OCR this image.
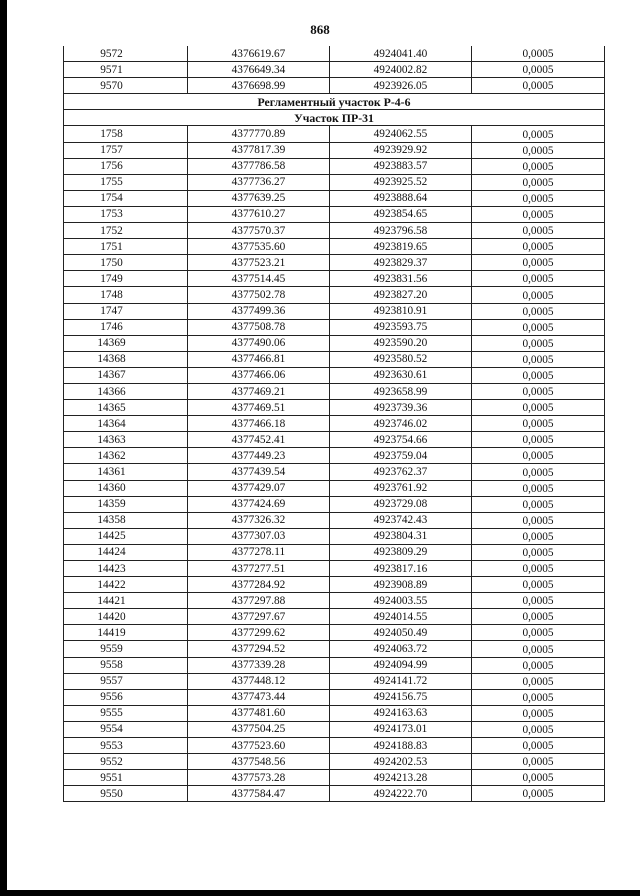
868
9572	4376619.67	4924041.40	0,0005
9571	4376649.34	4924002.82	0,0005
9570	4376698.99	4923926.05	0,0005
Регламентный участок Р-4-6			
Участок ПР-31			
1758	4377770.89	4924062.55	0,0005
1757	4377817.39	4923929.92	0,0005
1756	4377786.58	4923883.57	0,0005
1755	4377736.27	4923925.52	0,0005
1754	4377639.25	4923888.64	0,0005
1753	4377610.27	4923854.65	0,0005
1752	4377570.37	4923796.58	0,0005
1751	4377535.60	4923819.65	0,0005
1750	4377523.21	4923829.37	0,0005
1749	4377514.45	4923831.56	0,0005
1748	4377502.78	4923827.20	0,0005
1747	4377499.36	4923810.91	0,0005
1746	4377508.78	4923593.75	0,0005
14369	4377490.06	4923590.20	0,0005
14368	4377466.81	4923580.52	0,0005
14367	4377466.06	4923630.61	0,0005
14366	4377469.21	4923658.99	0,0005
14365	4377469.51	4923739.36	0,0005
14364	4377466.18	4923746.02	0,0005
14363	4377452.41	4923754.66	0,0005
14362	4377449.23	4923759.04	0,0005
14361	4377439.54	4923762.37	0,0005
14360	4377429.07	4923761.92	0,0005
14359	4377424.69	4923729.08	0,0005
14358	4377326.32	4923742.43	0,0005
14425	4377307.03	4923804.31	0,0005
14424	4377278.11	4923809.29	0,0005
14423	4377277.51	4923817.16	0,0005
14422	4377284.92	4923908.89	0,0005
14421	4377297.88	4924003.55	0,0005
14420	4377297.67	4924014.55	0,0005
14419	4377299.62	4924050.49	0,0005
9559	4377294.52	4924063.72	0,0005
9558	4377339.28	4924094.99	0,0005
9557	4377448.12	4924141.72	0,0005
9556	4377473.44	4924156.75	0,0005
9555	4377481.60	4924163.63	0,0005
9554	4377504.25	4924173.01	0,0005
9553	4377523.60	4924188.83	0,0005
9552	4377548.56	4924202.53	0,0005
9551	4377573.28	4924213.28	0,0005
9550	4377584.47	4924222.70	0,0005
